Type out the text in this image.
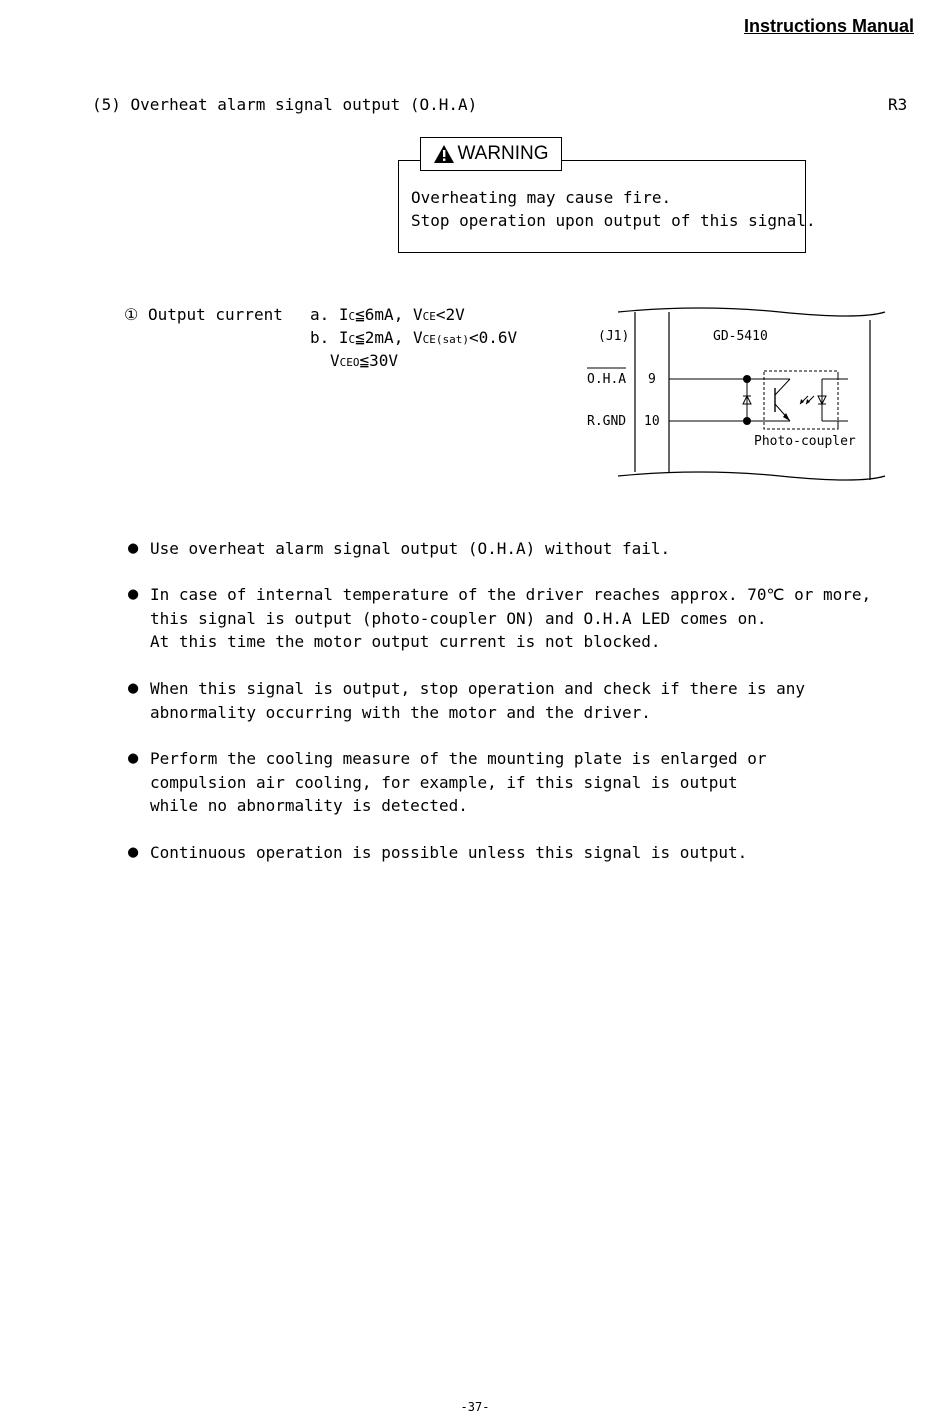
Instructions Manual
(5) Overheat alarm signal output (O.H.A)	R3
WARNING
Overheating may cause fire.
Stop operation upon output of this signal.
① Output current a. IC≦6mA, VCE<2V
b. IC≦2mA, VCE(sat)<0.6V
VCEO≦30V
(J1)	GD-5410
O.H.A 9
R.GND 10
Photo-coupler
● Use overheat alarm signal output (O.H.A) without fail.
● In case of internal temperature of the driver reaches approx. 70℃ or more,
this signal is output (photo-coupler ON) and O.H.A LED comes on.
At this time the motor output current is not blocked.
● When this signal is output, stop operation and check if there is any
abnormality occurring with the motor and the driver.
● Perform the cooling measure of the mounting plate is enlarged or
compulsion air cooling, for example, if this signal is output
while no abnormality is detected.
● Continuous operation is possible unless this signal is output.
-37-
